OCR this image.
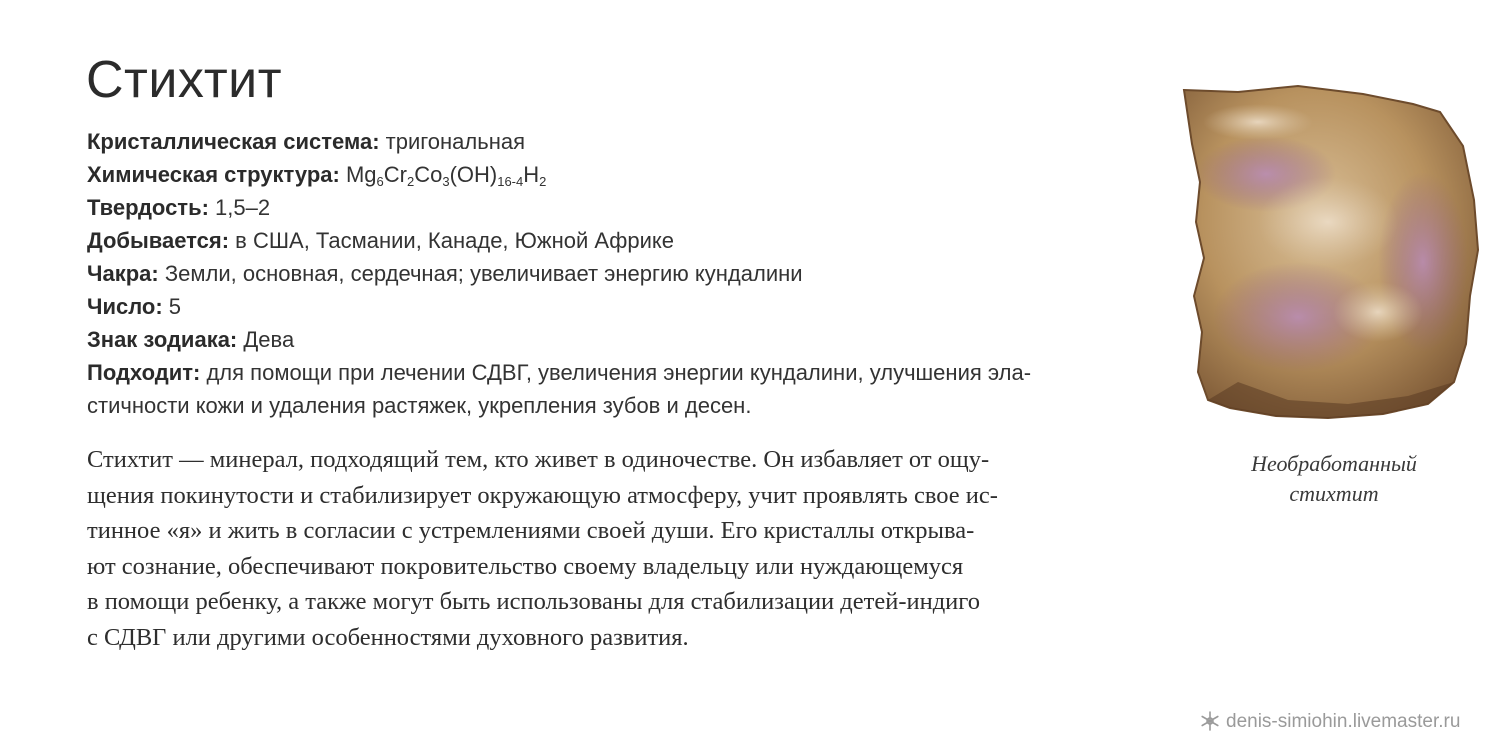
Стихтит

Кристаллическая система: тригональная

Химическая структура: $Mg_6Cr_2Co_3(OH)_{16-4}H_2$

Твердость: 1,5–2

Добывается: в США, Тасмании, Канаде, Южной Африке

Чакра: Земли, основная, сердечная; увеличивает энергию кундалини

Число: 5

Знак зодиака: Дева

Подходит: для помощи при лечении СДВГ, увеличения энергии кундалини, улучшения эла-

стичности кожи и удаления растяжек, укрепления зубов и десен.

Стихтит — минерал, подходящий тем, кто живет в одиночестве. Он избавляет от ощу-
щения покинутости и стабилизирует окружающую атмосферу, учит проявлять свое ис-
тинное «я» и жить в согласии с устремлениями своей души. Его кристаллы открыва-
ют сознание, обеспечивают покровительство своему владельцу или нуждающемуся
в помощи ребенку, а также могут быть использованы для стабилизации детей-индиго
с СДВГ или другими особенностями духовного развития.
Необработанный
стихтит
denis-simiohin.livemaster.ru
